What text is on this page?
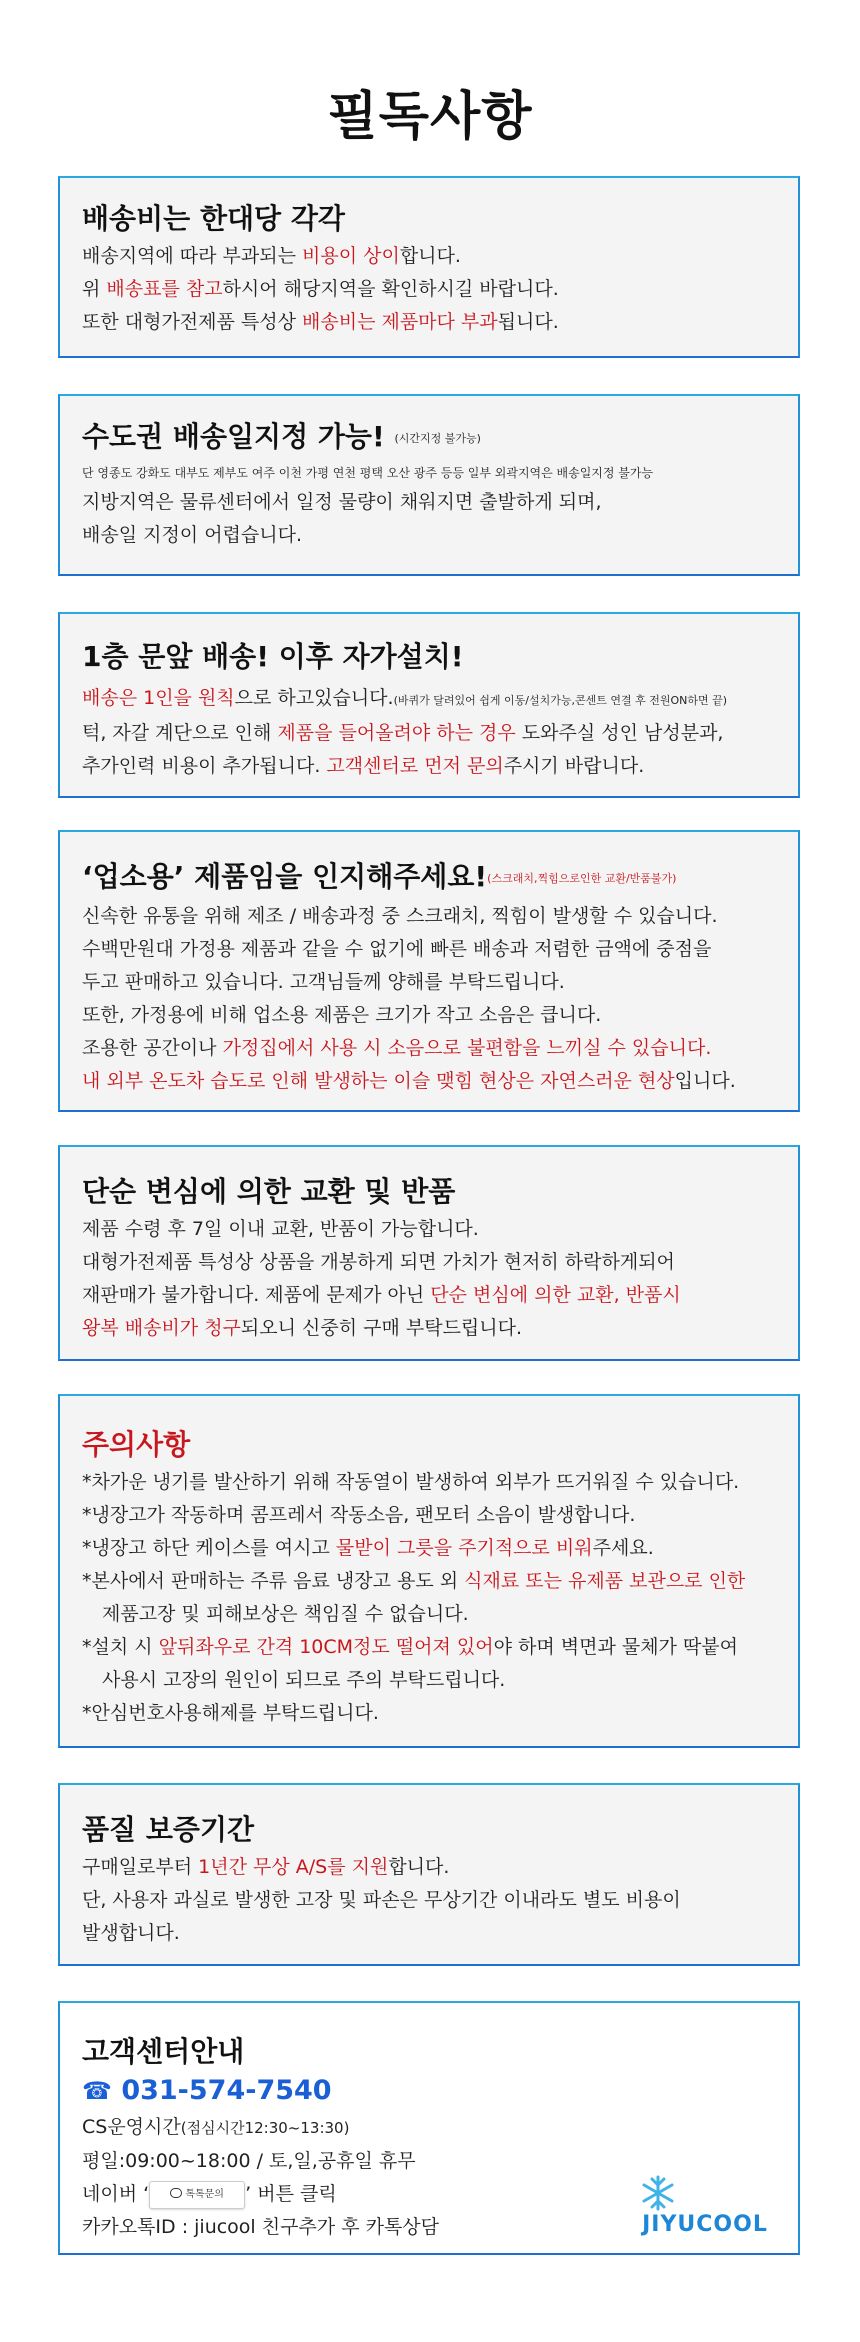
필독사항
배송비는 한대당 각각

배송지역에 따라 부과되는 비용이 상이합니다.

위 배송표를 참고하시어 해당지역을 확인하시길 바랍니다.

또한 대형가전제품 특성상 배송비는 제품마다 부과됩니다.

수도권 배송일지정 가능! (시간지정 불가능)

단 영종도 강화도 대부도 제부도 여주 이천 가평 연천 평택 오산 광주 등등 일부 외곽지역은 배송일지정 불가능

지방지역은 물류센터에서 일정 물량이 채워지면 출발하게 되며,

배송일 지정이 어렵습니다.

1층 문앞 배송! 이후 자가설치!

배송은 1인을 원칙으로 하고있습니다.(바퀴가 달려있어 쉽게 이동/설치가능,콘센트 연결 후 전원ON하면 끝)

턱, 자갈 계단으로 인해 제품을 들어올려야 하는 경우 도와주실 성인 남성분과,

추가인력 비용이 추가됩니다. 고객센터로 먼저 문의주시기 바랍니다.

‘업소용’ 제품임을 인지해주세요!(스크래치,찍힘으로인한 교환/반품불가)

신속한 유통을 위해 제조 / 배송과정 중 스크래치, 찍힘이 발생할 수 있습니다.

수백만원대 가정용 제품과 같을 수 없기에 빠른 배송과 저렴한 금액에 중점을

두고 판매하고 있습니다. 고객님들께 양해를 부탁드립니다.

또한, 가정용에 비해 업소용 제품은 크기가 작고 소음은 큽니다.

조용한 공간이나 가정집에서 사용 시 소음으로 불편함을 느끼실 수 있습니다.

내 외부 온도차 습도로 인해 발생하는 이슬 맺힘 현상은 자연스러운 현상입니다.

단순 변심에 의한 교환 및 반품

제품 수령 후 7일 이내 교환, 반품이 가능합니다.

대형가전제품 특성상 상품을 개봉하게 되면 가치가 현저히 하락하게되어

재판매가 불가합니다. 제품에 문제가 아닌 단순 변심에 의한 교환, 반품시

왕복 배송비가 청구되오니 신중히 구매 부탁드립니다.

주의사항

*차가운 냉기를 발산하기 위해 작동열이 발생하여 외부가 뜨거워질 수 있습니다.

*냉장고가 작동하며 콤프레서 작동소음, 팬모터 소음이 발생합니다.

*냉장고 하단 케이스를 여시고 물받이 그릇을 주기적으로 비워주세요.

*본사에서 판매하는 주류 음료 냉장고 용도 외 식재료 또는 유제품 보관으로 인한

제품고장 및 피해보상은 책임질 수 없습니다.

*설치 시 앞뒤좌우로 간격 10CM정도 떨어져 있어야 하며 벽면과 물체가 딱붙여

사용시 고장의 원인이 되므로 주의 부탁드립니다.

*안심번호사용해제를 부탁드립니다.

품질 보증기간

구매일로부터 1년간 무상 A/S를 지원합니다.

단, 사용자 과실로 발생한 고장 및 파손은 무상기간 이내라도 별도 비용이

발생합니다.

고객센터안내
☎ 031-574-7540

CS운영시간(점심시간12:30~13:30)

평일:09:00~18:00 / 토,일,공휴일 휴무

네이버 ‘	톡톡문의 ’ 버튼 클릭

카카오톡ID : jiucool 친구추가 후 카톡상담	JIYUCOOL
